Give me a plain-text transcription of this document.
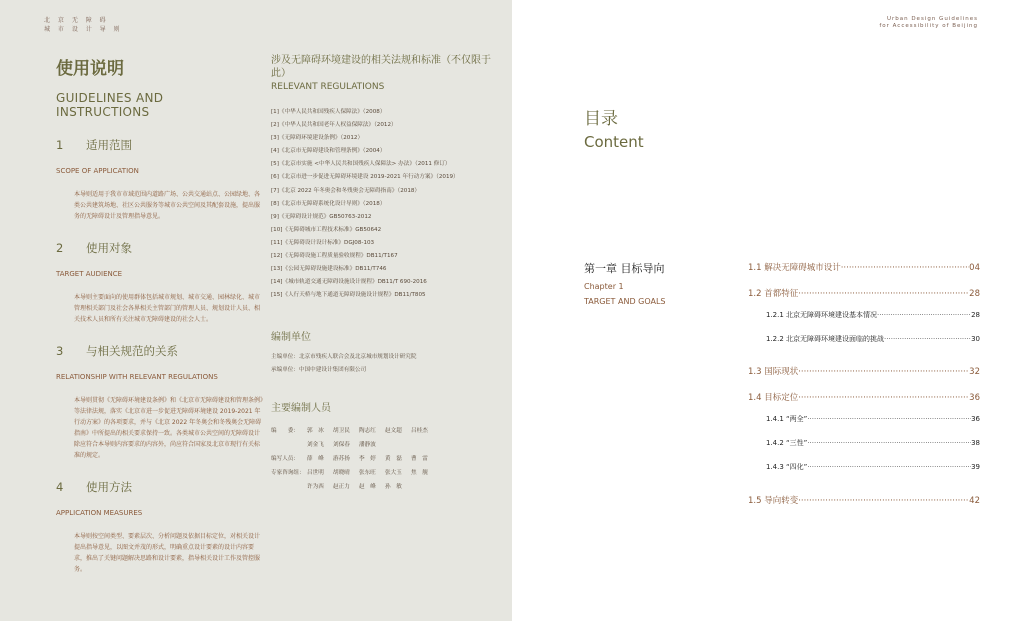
北 京 无 障 碍
城 市 设 计 导 则
使用说明
GUIDELINES AND INSTRUCTIONS
1 适用范围
SCOPE OF APPLICATION
本导则适用于我市市域范围内道路广场、公共交通站点、公园绿地、各类公共建筑场地、社区公共服务等城市公共空间及其配套设施，提出服务的无障碍设计及管理指导意见。
2 使用对象
TARGET AUDIENCE
本导则主要面向的使用群体包括城市规划、城市交通、园林绿化、城市管理相关部门及社会各界相关主管部门的管理人员、规划设计人员、相关技术人员和所有关注城市无障碍建设的社会人士。
3 与相关规范的关系
RELATIONSHIP WITH RELEVANT REGULATIONS
本导则贯彻《无障碍环境建设条例》和《北京市无障碍建设和管理条例》等法律法规，落实《北京市进一步促进无障碍环境建设 2019-2021 年行动方案》的各项要求，并与《北京 2022 年冬奥会和冬残奥会无障碍指南》中所提出的相关要求保持一致。各类城市公共空间的无障碍设计除应符合本导则内容要求的内容外，尚应符合国家及北京市现行有关标准的规定。
4 使用方法
APPLICATION MEASURES
本导则按空间类型、要素层次、分析问题及依据目标定位，对相关设计提出指导意见，以图文并茂的形式，明确重点设计要素的设计内容要求，推出了关键问题解决思路和设计要素，指导相关设计工作及管控服务。
涉及无障碍环境建设的相关法规和标准（不仅限于此）
RELEVANT REGULATIONS
[1]《中华人民共和国残疾人保障法》（2008）
[2]《中华人民共和国老年人权益保障法》（2012）
[3]《无障碍环境建设条例》（2012）
[4]《北京市无障碍建设和管理条例》（2004）
[5]《北京市实施 <中华人民共和国残疾人保障法> 办法》（2011 修订）
[6]《北京市进一步促进无障碍环境建设 2019-2021 年行动方案》（2019）
[7]《北京 2022 年冬奥会和冬残奥会无障碍指南》（2018）
[8]《北京市无障碍系统化设计导则》（2018）
[9]《无障碍设计规范》GB50763-2012
[10]《无障碍城市工程技术标准》GB50642
[11]《无障碍设计设计标准》DGJ08-103
[12]《无障碍设施工程质量验收规程》DB11/T167
[13]《公园无障碍设施建设标准》DB11/T746
[14]《城市轨道交通无障碍设施设计规程》DB11/T 690-2016
[15]《人行天桥与地下通道无障碍设施设计规程》DB11/T805
编制单位
主编单位：北京市残疾人联合会及北京城市规划设计研究院
承编单位：中国中建设计集团有限公司
主要编制人员
编　　委： 郭　冰 胡卫民 陶志红 赵文超 吕桂杰
刘金飞 刘保春 潘静波
编写人员： 薛　峰 游苏扬 李　婷 黄　磊 曹　雷
专家咨询组： 吕世明 胡晓晴 张东旺 张大玉 焦　舰
许为西 赵正力 赵　峰 孙　敏
Urban Design Guidelines
for Accessibility of Beijing
目录
Content
第一章 目标导向
Chapter 1
TARGET AND GOALS
1.1 解决无障碍城市设计 ·····	04
1.2 首都特征 ·····	28
1.2.1 北京无障碍环境建设基本情况 ·····	28
1.2.2 北京无障碍环境建设面临的挑战 ·····	30
1.3 国际现状 ·····	32
1.4 目标定位 ·····	36
1.4.1 “两全” ·····	36
1.4.2 “三性” ·····	38
1.4.3 “四化” ·····	39
1.5 导向转变 ·····	42
